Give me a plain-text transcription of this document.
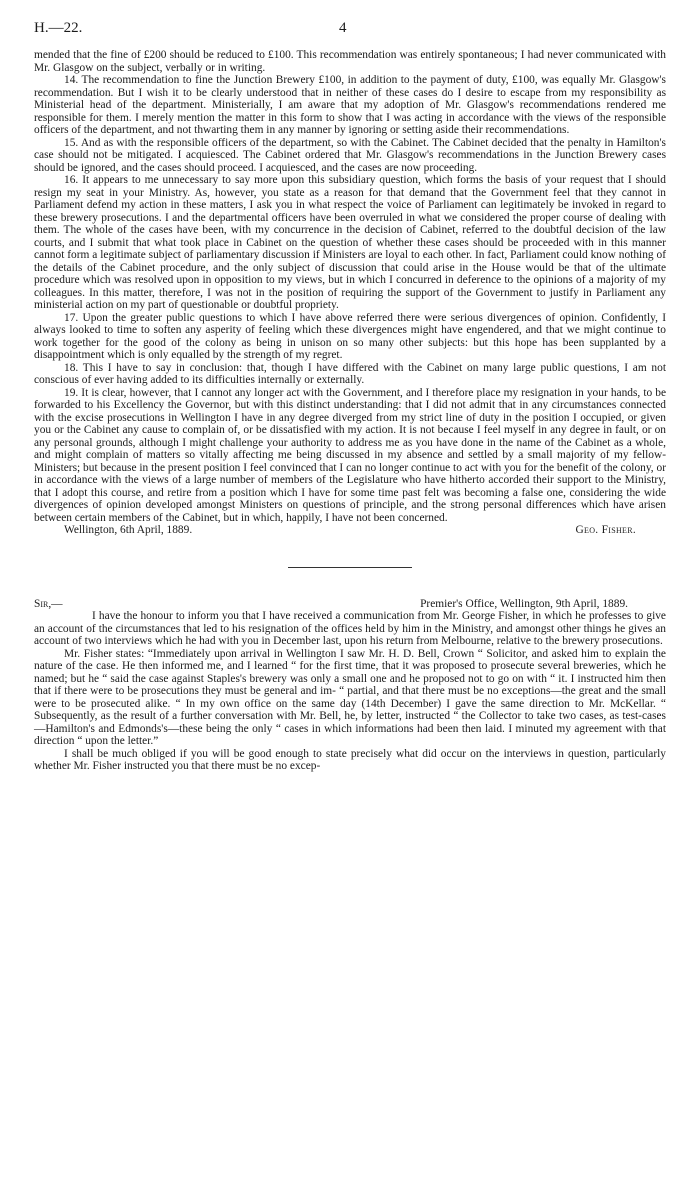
H.—22.	4

mended that the fine of £200 should be reduced to £100. This recommendation was entirely spontaneous; I had never communicated with Mr. Glasgow on the subject, verbally or in writing.

14. The recommendation to fine the Junction Brewery £100, in addition to the payment of duty, £100, was equally Mr. Glasgow's recommendation. But I wish it to be clearly understood that in neither of these cases do I desire to escape from my responsibility as Ministerial head of the department. Ministerially, I am aware that my adoption of Mr. Glasgow's recommendations rendered me responsible for them. I merely mention the matter in this form to show that I was acting in accordance with the views of the responsible officers of the department, and not thwarting them in any manner by ignoring or setting aside their recommendations.

15. And as with the responsible officers of the department, so with the Cabinet. The Cabinet decided that the penalty in Hamilton's case should not be mitigated. I acquiesced. The Cabinet ordered that Mr. Glasgow's recommendations in the Junction Brewery cases should be ignored, and the cases should proceed. I acquiesced, and the cases are now proceeding.

16. It appears to me unnecessary to say more upon this subsidiary question, which forms the basis of your request that I should resign my seat in your Ministry. As, however, you state as a reason for that demand that the Government feel that they cannot in Parliament defend my action in these matters, I ask you in what respect the voice of Parliament can legitimately be invoked in regard to these brewery prosecutions. I and the departmental officers have been overruled in what we considered the proper course of dealing with them. The whole of the cases have been, with my concurrence in the decision of Cabinet, referred to the doubtful decision of the law courts, and I submit that what took place in Cabinet on the question of whether these cases should be proceeded with in this manner cannot form a legitimate subject of parliamentary discussion if Ministers are loyal to each other. In fact, Parliament could know nothing of the details of the Cabinet procedure, and the only subject of discussion that could arise in the House would be that of the ultimate procedure which was resolved upon in opposition to my views, but in which I concurred in deference to the opinions of a majority of my colleagues. In this matter, therefore, I was not in the position of requiring the support of the Government to justify in Parliament any ministerial action on my part of questionable or doubtful propriety.

17. Upon the greater public questions to which I have above referred there were serious divergences of opinion. Confidently, I always looked to time to soften any asperity of feeling which these divergences might have engendered, and that we might continue to work together for the good of the colony as being in unison on so many other subjects: but this hope has been supplanted by a disappointment which is only equalled by the strength of my regret.

18. This I have to say in conclusion: that, though I have differed with the Cabinet on many large public questions, I am not conscious of ever having added to its difficulties internally or externally.

19. It is clear, however, that I cannot any longer act with the Government, and I therefore place my resignation in your hands, to be forwarded to his Excellency the Governor, but with this distinct understanding: that I did not admit that in any circumstances connected with the excise prosecutions in Wellington I have in any degree diverged from my strict line of duty in the position I occupied, or given you or the Cabinet any cause to complain of, or be dissatisfied with my action. It is not because I feel myself in any degree in fault, or on any personal grounds, although I might challenge your authority to address me as you have done in the name of the Cabinet as a whole, and might complain of matters so vitally affecting me being discussed in my absence and settled by a small majority of my fellow-Ministers; but because in the present position I feel convinced that I can no longer continue to act with you for the benefit of the colony, or in accordance with the views of a large number of members of the Legislature who have hitherto accorded their support to the Ministry, that I adopt this course, and retire from a position which I have for some time past felt was becoming a false one, considering the wide divergences of opinion developed amongst Ministers on questions of principle, and the strong personal differences which have arisen between certain members of the Cabinet, but in which, happily, I have not been concerned.

Wellington, 6th April, 1889.	Geo. Fisher.
Sir,—	Premier's Office, Wellington, 9th April, 1889.

I have the honour to inform you that I have received a communication from Mr. George Fisher, in which he professes to give an account of the circumstances that led to his resignation of the offices held by him in the Ministry, and amongst other things he gives an account of two interviews which he had with you in December last, upon his return from Melbourne, relative to the brewery prosecutions.

Mr. Fisher states: “Immediately upon arrival in Wellington I saw Mr. H. D. Bell, Crown “ Solicitor, and asked him to explain the nature of the case. He then informed me, and I learned “ for the first time, that it was proposed to prosecute several breweries, which he named; but he “ said the case against Staples's brewery was only a small one and he proposed not to go on with “ it. I instructed him then that if there were to be prosecutions they must be general and im- “ partial, and that there must be no exceptions—the great and the small were to be prosecuted alike. “ In my own office on the same day (14th December) I gave the same direction to Mr. McKellar. “ Subsequently, as the result of a further conversation with Mr. Bell, he, by letter, instructed “ the Collector to take two cases, as test-cases—Hamilton's and Edmonds's—these being the only “ cases in which informations had been then laid. I minuted my agreement with that direction “ upon the letter.”

I shall be much obliged if you will be good enough to state precisely what did occur on the interviews in question, particularly whether Mr. Fisher instructed you that there must be no excep-
